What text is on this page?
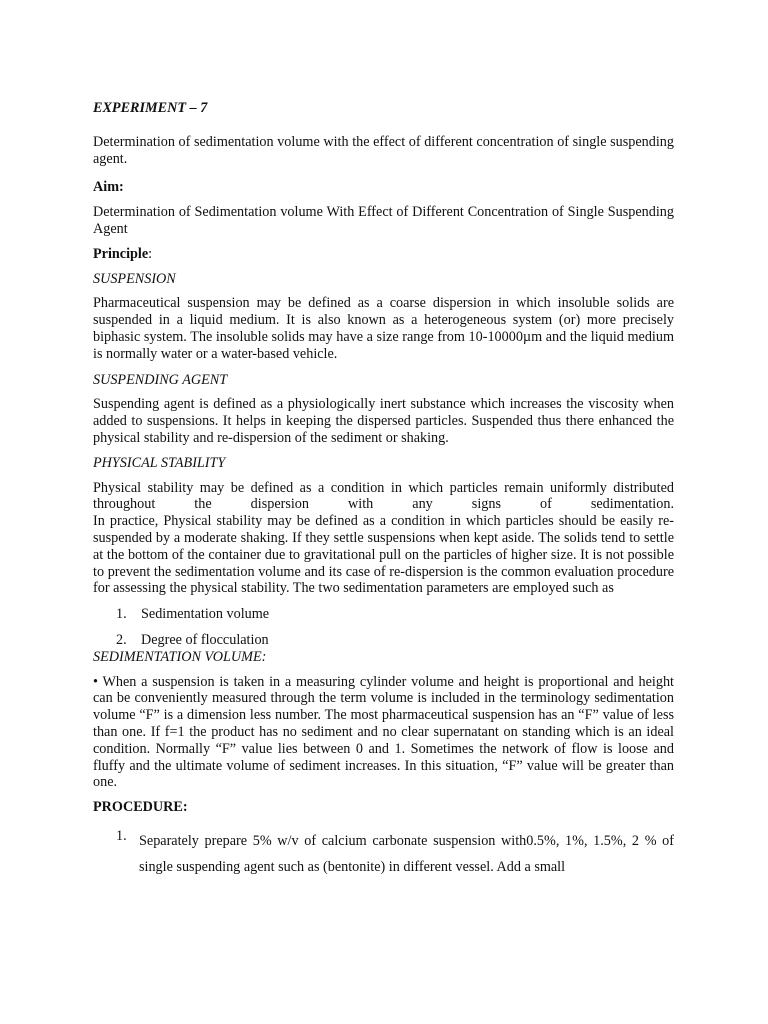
EXPERIMENT – 7

Determination of sedimentation volume with the effect of different concentration of single suspending agent.

Aim:

Determination of Sedimentation volume With Effect of Different Concentration of Single Suspending Agent

Principle:

SUSPENSION

Pharmaceutical suspension may be defined as a coarse dispersion in which insoluble solids are suspended in a liquid medium. It is also known as a heterogeneous system (or) more precisely biphasic system. The insoluble solids may have a size range from 10-10000µm and the liquid medium is normally water or a water-based vehicle.

SUSPENDING AGENT

Suspending agent is defined as a physiologically inert substance which increases the viscosity when added to suspensions. It helps in keeping the dispersed particles. Suspended thus there enhanced the physical stability and re-dispersion of the sediment or shaking.

PHYSICAL STABILITY

Physical stability may be defined as a condition in which particles remain uniformly distributed throughout the dispersion with any signs of sedimentation.

In practice, Physical stability may be defined as a condition in which particles should be easily re- suspended by a moderate shaking. If they settle suspensions when kept aside. The solids tend to settle at the bottom of the container due to gravitational pull on the particles of higher size. It is not possible to prevent the sedimentation volume and its case of re-dispersion is the common evaluation procedure for assessing the physical stability. The two sedimentation parameters are employed such as

1.	Sedimentation volume
2.	Degree of flocculation

SEDIMENTATION VOLUME:

• When a suspension is taken in a measuring cylinder volume and height is proportional and height can be conveniently measured through the term volume is included in the terminology sedimentation volume “F” is a dimension less number. The most pharmaceutical suspension has an “F” value of less than one. If f=1 the product has no sediment and no clear supernatant on standing which is an ideal condition. Normally “F” value lies between 0 and 1. Sometimes the network of flow is loose and fluffy and the ultimate volume of sediment increases. In this situation, “F” value will be greater than one.

PROCEDURE:

1. Separately prepare 5% w/v of calcium carbonate suspension with0.5%, 1%, 1.5%, 2 % of single suspending agent such as (bentonite) in different vessel. Add a small
